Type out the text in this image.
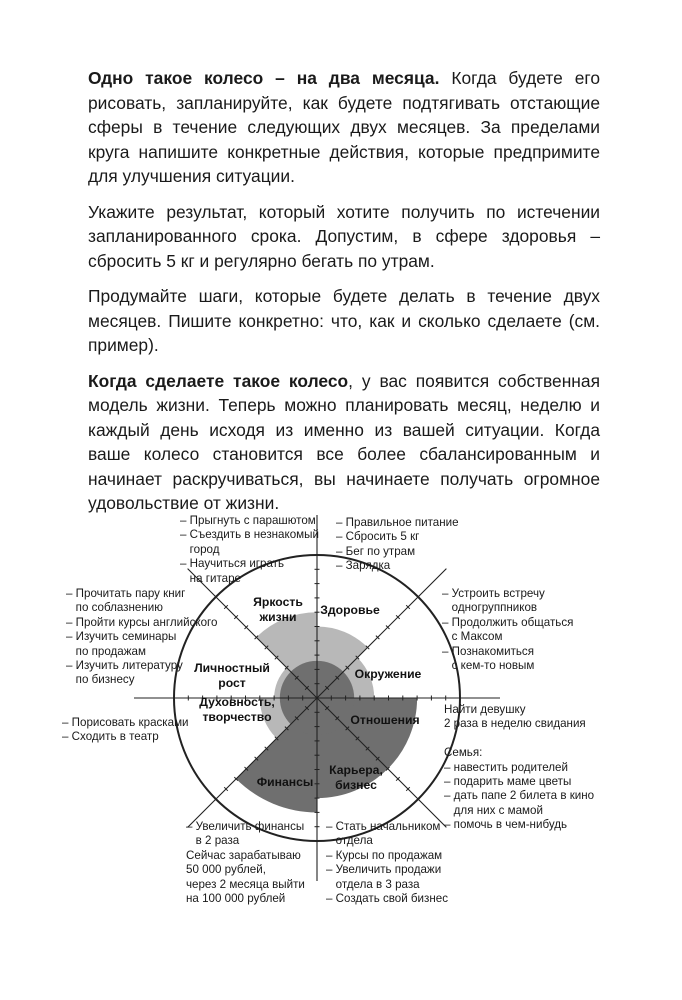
Одно такое колесо – на два месяца. Когда будете его рисовать, запланируйте, как будете подтягивать отстающие сферы в течение следующих двух месяцев. За пределами круга напишите конкретные действия, которые предпримите для улучшения ситуации.

Укажите результат, который хотите получить по истечении запланированного срока. Допустим, в сфере здоровья – сбросить 5 кг и регулярно бегать по утрам.

Продумайте шаги, которые будете делать в течение двух месяцев. Пишите конкретно: что, как и сколько сделаете (см. пример).

Когда сделаете такое колесо, у вас появится собственная модель жизни. Теперь можно планировать месяц, неделю и каждый день исходя из именно из вашей ситуации. Когда ваше колесо становится все более сбалансированным и начинает раскручиваться, вы начинаете получать огромное удовольствие от жизни.

Яркость жизни	Здоровье
Окружение
Отношения
Карьера, бизнес
Финансы
Духовность, творчество
Личностный рост
– Прыгнуть с парашютом
– Съездить в незнакомый
город
– Научиться играть
на гитаре
– Правильное питание
– Сбросить 5 кг
– Бег по утрам
– Зарядка
– Прочитать пару книг
по соблазнению
– Пройти курсы английского
– Изучить семинары
по продажам
– Изучить литературу
по бизнесу
– Устроить встречу
одногруппников
– Продолжить общаться
с Максом
– Познакомиться
с кем-то новым
– Порисовать красками
– Сходить в театр
Найти девушку
2 раза в неделю свидания

Семья:
– навестить родителей
– подарить маме цветы
– дать папе 2 билета в кино
для них с мамой
– помочь в чем-нибудь
– Увеличить финансы
в 2 раза
Сейчас зарабатываю
50 000 рублей,
через 2 месяца выйти
на 100 000 рублей
– Стать начальником
отдела
– Курсы по продажам
– Увеличить продажи
отдела в 3 раза
– Создать свой бизнес
